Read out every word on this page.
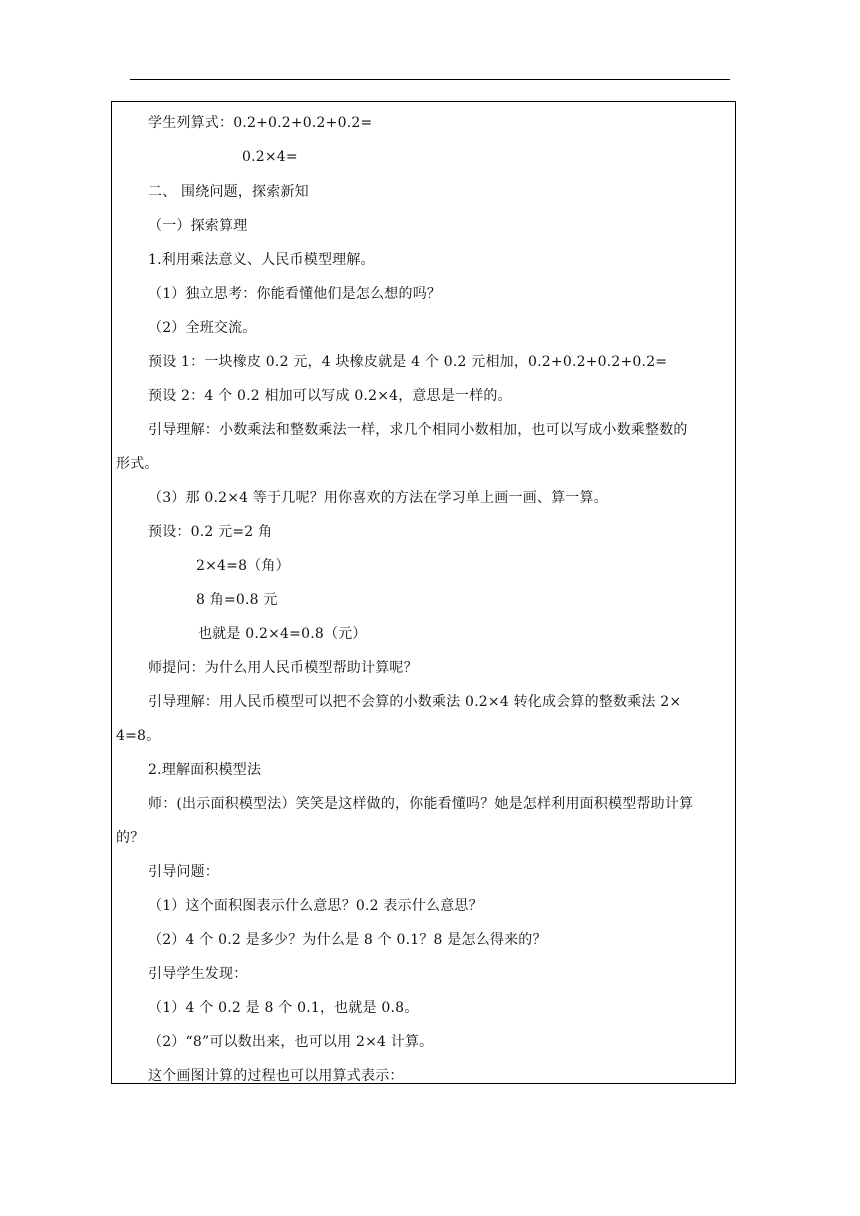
学生列算式：0.2+0.2+0.2+0.2=
0.2×4=
二、 围绕问题，探索新知
（一）探索算理
1.利用乘法意义、人民币模型理解。
（1）独立思考：你能看懂他们是怎么想的吗？
（2）全班交流。
预设 1：一块橡皮 0.2 元，4 块橡皮就是 4 个 0.2 元相加，0.2+0.2+0.2+0.2=
预设 2：4 个 0.2 相加可以写成 0.2×4，意思是一样的。
引导理解：小数乘法和整数乘法一样，求几个相同小数相加，也可以写成小数乘整数的
形式。
（3）那 0.2×4 等于几呢？用你喜欢的方法在学习单上画一画、算一算。
预设：0.2 元=2 角
2×4=8（角）
8 角=0.8 元
也就是 0.2×4=0.8（元）
师提问：为什么用人民币模型帮助计算呢？
引导理解：用人民币模型可以把不会算的小数乘法 0.2×4 转化成会算的整数乘法 2×
4=8。
2.理解面积模型法
师：(出示面积模型法）笑笑是这样做的，你能看懂吗？她是怎样利用面积模型帮助计算
的？
引导问题：
（1）这个面积图表示什么意思？0.2 表示什么意思？
（2）4 个 0.2 是多少？为什么是 8 个 0.1？8 是怎么得来的？
引导学生发现：
（1）4 个 0.2 是 8 个 0.1，也就是 0.8。
（2）“8”可以数出来，也可以用 2×4 计算。
这个画图计算的过程也可以用算式表示：
